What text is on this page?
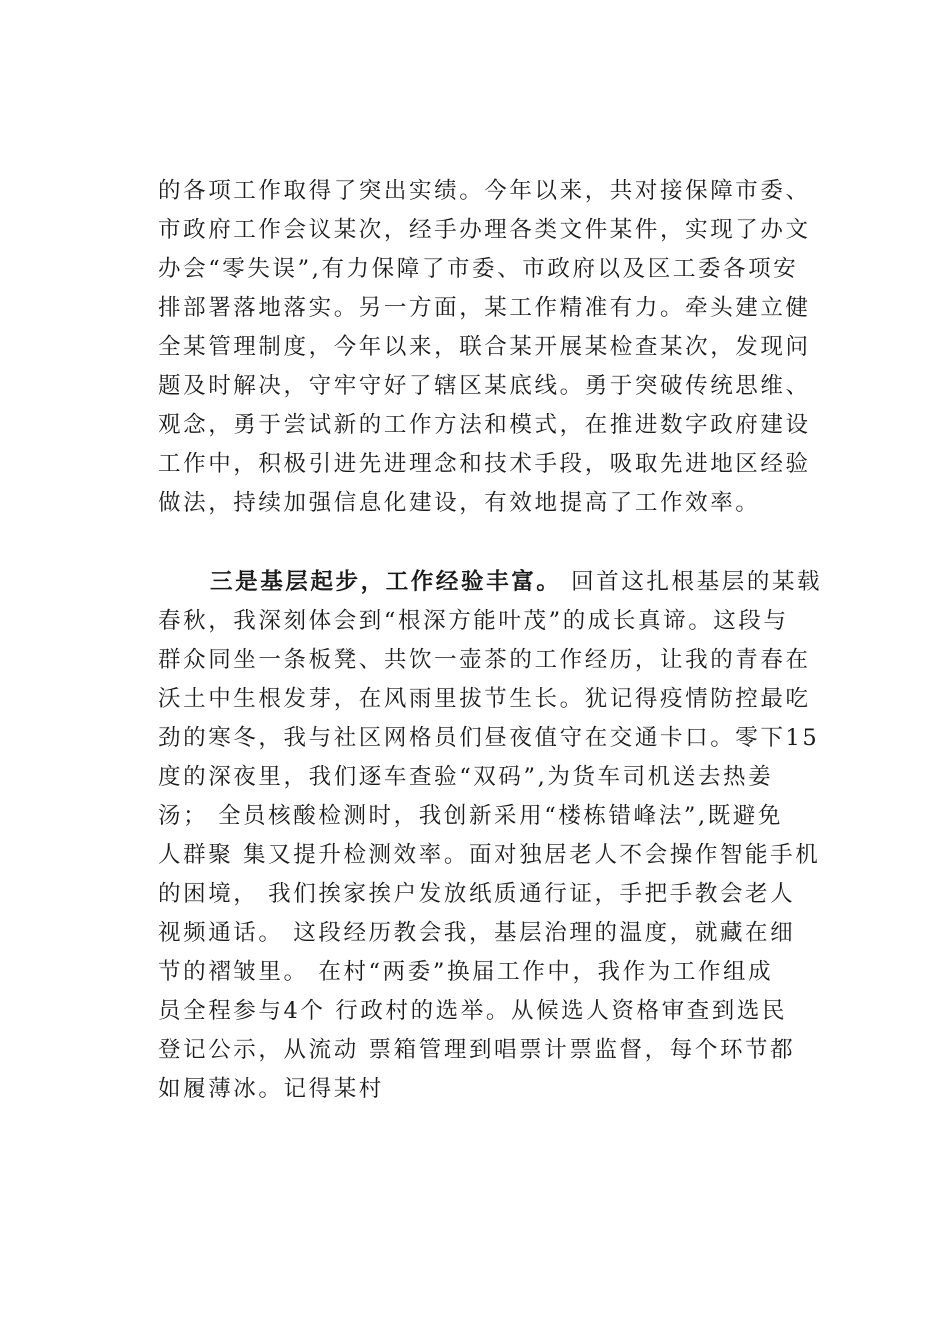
的各项工作取得了突出实绩。今年以来，共对接保障市委、
市政府工作会议某次，经手办理各类文件某件，实现了办文
办会“零失误”,有力保障了市委、市政府以及区工委各项安
排部署落地落实。另一方面，某工作精准有力。牵头建立健
全某管理制度，今年以来，联合某开展某检查某次，发现问
题及时解决，守牢守好了辖区某底线。勇于突破传统思维、
观念，勇于尝试新的工作方法和模式，在推进数字政府建设
工作中，积极引进先进理念和技术手段，吸取先进地区经验
做法，持续加强信息化建设，有效地提高了工作效率。
三是基层起步，工作经验丰富。 回首这扎根基层的某载
春秋，我深刻体会到“根深方能叶茂”的成长真谛。这段与
群众同坐一条板凳、共饮一壶茶的工作经历，让我的青春在
沃土中生根发芽，在风雨里拔节生长。犹记得疫情防控最吃
劲的寒冬，我与社区网格员们昼夜值守在交通卡口。零下15
度的深夜里，我们逐车查验“双码”,为货车司机送去热姜
汤； 全员核酸检测时，我创新采用“楼栋错峰法”,既避免
人群聚 集又提升检测效率。面对独居老人不会操作智能手机
的困境， 我们挨家挨户发放纸质通行证，手把手教会老人
视频通话。 这段经历教会我，基层治理的温度，就藏在细
节的褶皱里。 在村“两委”换届工作中，我作为工作组成
员全程参与4个 行政村的选举。从候选人资格审查到选民
登记公示，从流动 票箱管理到唱票计票监督，每个环节都
如履薄冰。记得某村
